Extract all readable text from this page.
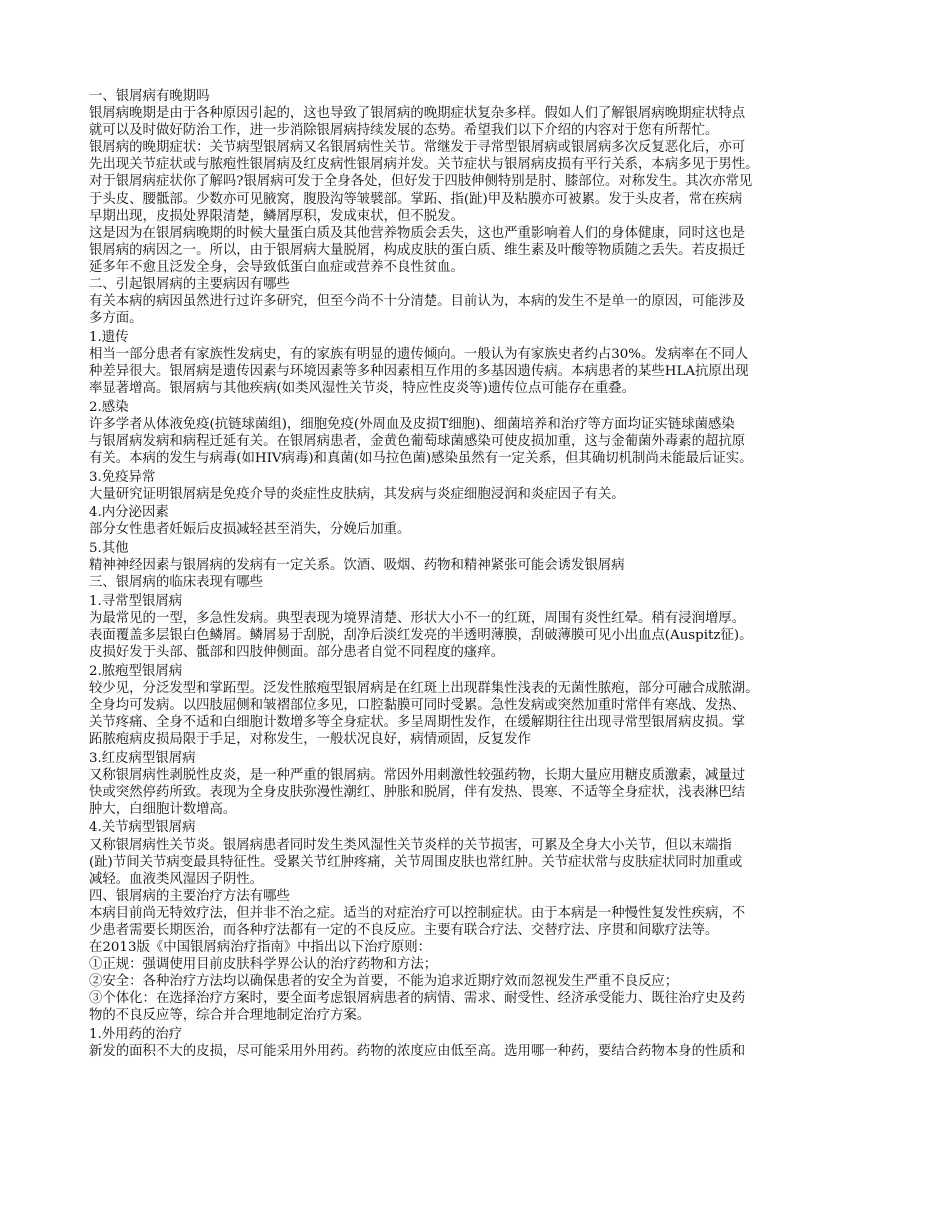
一、银屑病有晚期吗
银屑病晚期是由于各种原因引起的，这也导致了银屑病的晚期症状复杂多样。假如人们了解银屑病晚期症状特点
就可以及时做好防治工作，进一步消除银屑病持续发展的态势。希望我们以下介绍的内容对于您有所帮忙。
银屑病的晚期症状：关节病型银屑病又名银屑病性关节。常继发于寻常型银屑病或银屑病多次反复恶化后，亦可
先出现关节症状或与脓疱性银屑病及红皮病性银屑病并发。关节症状与银屑病皮损有平行关系，本病多见于男性。
对于银屑病症状你了解吗?银屑病可发于全身各处，但好发于四肢伸侧特别是肘、膝部位。对称发生。其次亦常见
于头皮、腰骶部。少数亦可见腋窝，腹股沟等皱襞部。掌跖、指(趾)甲及粘膜亦可被累。发于头皮者，常在疾病
早期出现，皮损处界限清楚，鳞屑厚积，发成束状，但不脱发。
这是因为在银屑病晚期的时候大量蛋白质及其他营养物质会丢失，这也严重影响着人们的身体健康，同时这也是
银屑病的病因之一。所以，由于银屑病大量脱屑，构成皮肤的蛋白质、维生素及叶酸等物质随之丢失。若皮损迁
延多年不愈且泛发全身，会导致低蛋白血症或营养不良性贫血。
二、引起银屑病的主要病因有哪些
有关本病的病因虽然进行过许多研究，但至今尚不十分清楚。目前认为，本病的发生不是单一的原因，可能涉及
多方面。
1.遗传
相当一部分患者有家族性发病史，有的家族有明显的遗传倾向。一般认为有家族史者约占30%。发病率在不同人
种差异很大。银屑病是遗传因素与环境因素等多种因素相互作用的多基因遗传病。本病患者的某些HLA抗原出现
率显著增高。银屑病与其他疾病(如类风湿性关节炎，特应性皮炎等)遗传位点可能存在重叠。
2.感染
许多学者从体液免疫(抗链球菌组)，细胞免疫(外周血及皮损T细胞)、细菌培养和治疗等方面均证实链球菌感染
与银屑病发病和病程迁延有关。在银屑病患者，金黄色葡萄球菌感染可使皮损加重，这与金葡菌外毒素的超抗原
有关。本病的发生与病毒(如HIV病毒)和真菌(如马拉色菌)感染虽然有一定关系，但其确切机制尚未能最后证实。
3.免疫异常
大量研究证明银屑病是免疫介导的炎症性皮肤病，其发病与炎症细胞浸润和炎症因子有关。
4.内分泌因素
部分女性患者妊娠后皮损减轻甚至消失，分娩后加重。
5.其他
精神神经因素与银屑病的发病有一定关系。饮酒、吸烟、药物和精神紧张可能会诱发银屑病
三、银屑病的临床表现有哪些
1.寻常型银屑病
为最常见的一型，多急性发病。典型表现为境界清楚、形状大小不一的红斑，周围有炎性红晕。稍有浸润增厚。
表面覆盖多层银白色鳞屑。鳞屑易于刮脱，刮净后淡红发亮的半透明薄膜，刮破薄膜可见小出血点(Auspitz征)。
皮损好发于头部、骶部和四肢伸侧面。部分患者自觉不同程度的瘙痒。
2.脓疱型银屑病
较少见，分泛发型和掌跖型。泛发性脓疱型银屑病是在红斑上出现群集性浅表的无菌性脓疱，部分可融合成脓湖。
全身均可发病。以四肢屈侧和皱褶部位多见，口腔黏膜可同时受累。急性发病或突然加重时常伴有寒战、发热、
关节疼痛、全身不适和白细胞计数增多等全身症状。多呈周期性发作，在缓解期往往出现寻常型银屑病皮损。掌
跖脓疱病皮损局限于手足，对称发生，一般状况良好，病情顽固，反复发作
3.红皮病型银屑病
又称银屑病性剥脱性皮炎，是一种严重的银屑病。常因外用刺激性较强药物，长期大量应用糖皮质激素，减量过
快或突然停药所致。表现为全身皮肤弥漫性潮红、肿胀和脱屑，伴有发热、畏寒、不适等全身症状，浅表淋巴结
肿大，白细胞计数增高。
4.关节病型银屑病
又称银屑病性关节炎。银屑病患者同时发生类风湿性关节炎样的关节损害，可累及全身大小关节，但以末端指
(趾)节间关节病变最具特征性。受累关节红肿疼痛，关节周围皮肤也常红肿。关节症状常与皮肤症状同时加重或
减轻。血液类风湿因子阴性。
四、银屑病的主要治疗方法有哪些
本病目前尚无特效疗法，但并非不治之症。适当的对症治疗可以控制症状。由于本病是一种慢性复发性疾病，不
少患者需要长期医治，而各种疗法都有一定的不良反应。主要有联合疗法、交替疗法、序贯和间歇疗法等。
在2013版《中国银屑病治疗指南》中指出以下治疗原则：
①正规：强调使用目前皮肤科学界公认的治疗药物和方法；
②安全：各种治疗方法均以确保患者的安全为首要，不能为追求近期疗效而忽视发生严重不良反应；
③个体化：在选择治疗方案时，要全面考虑银屑病患者的病情、需求、耐受性、经济承受能力、既往治疗史及药
物的不良反应等，综合并合理地制定治疗方案。
1.外用药的治疗
新发的面积不大的皮损，尽可能采用外用药。药物的浓度应由低至高。选用哪一种药，要结合药物本身的性质和
